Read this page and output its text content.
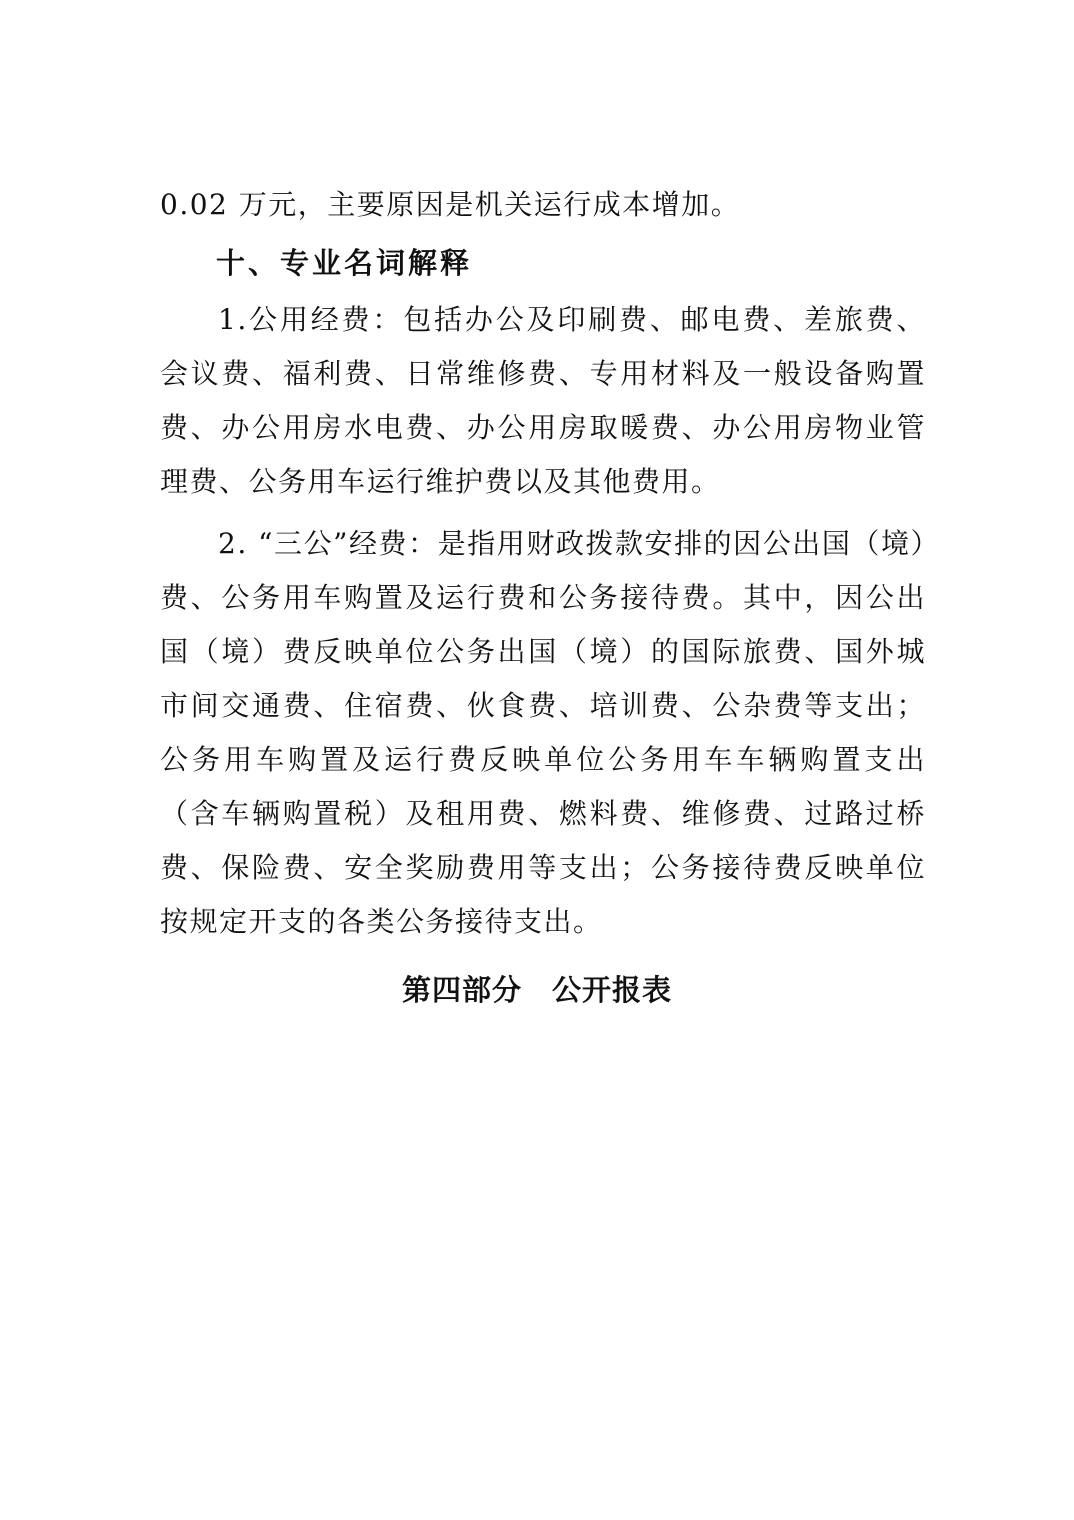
0.02 万元，主要原因是机关运行成本增加。

十、专业名词解释

1.公用经费：包括办公及印刷费、邮电费、差旅费、会议费、福利费、日常维修费、专用材料及一般设备购置费、办公用房水电费、办公用房取暖费、办公用房物业管理费、公务用车运行维护费以及其他费用。

2. “三公”经费：是指用财政拨款安排的因公出国（境）费、公务用车购置及运行费和公务接待费。其中，因公出国（境）费反映单位公务出国（境）的国际旅费、国外城市间交通费、住宿费、伙食费、培训费、公杂费等支出；公务用车购置及运行费反映单位公务用车车辆购置支出（含车辆购置税）及租用费、燃料费、维修费、过路过桥费、保险费、安全奖励费用等支出；公务接待费反映单位按规定开支的各类公务接待支出。

第四部分　公开报表
